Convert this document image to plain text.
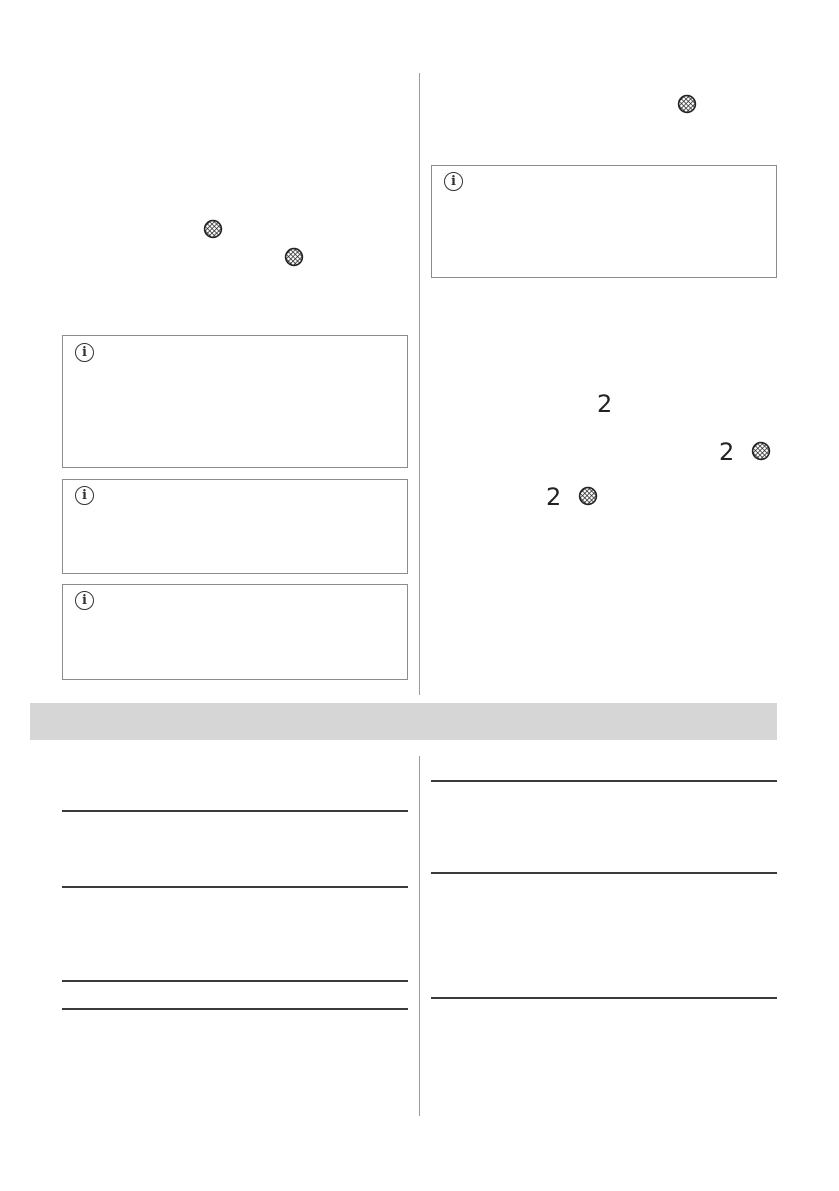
i
i
i
i
2
2
2
